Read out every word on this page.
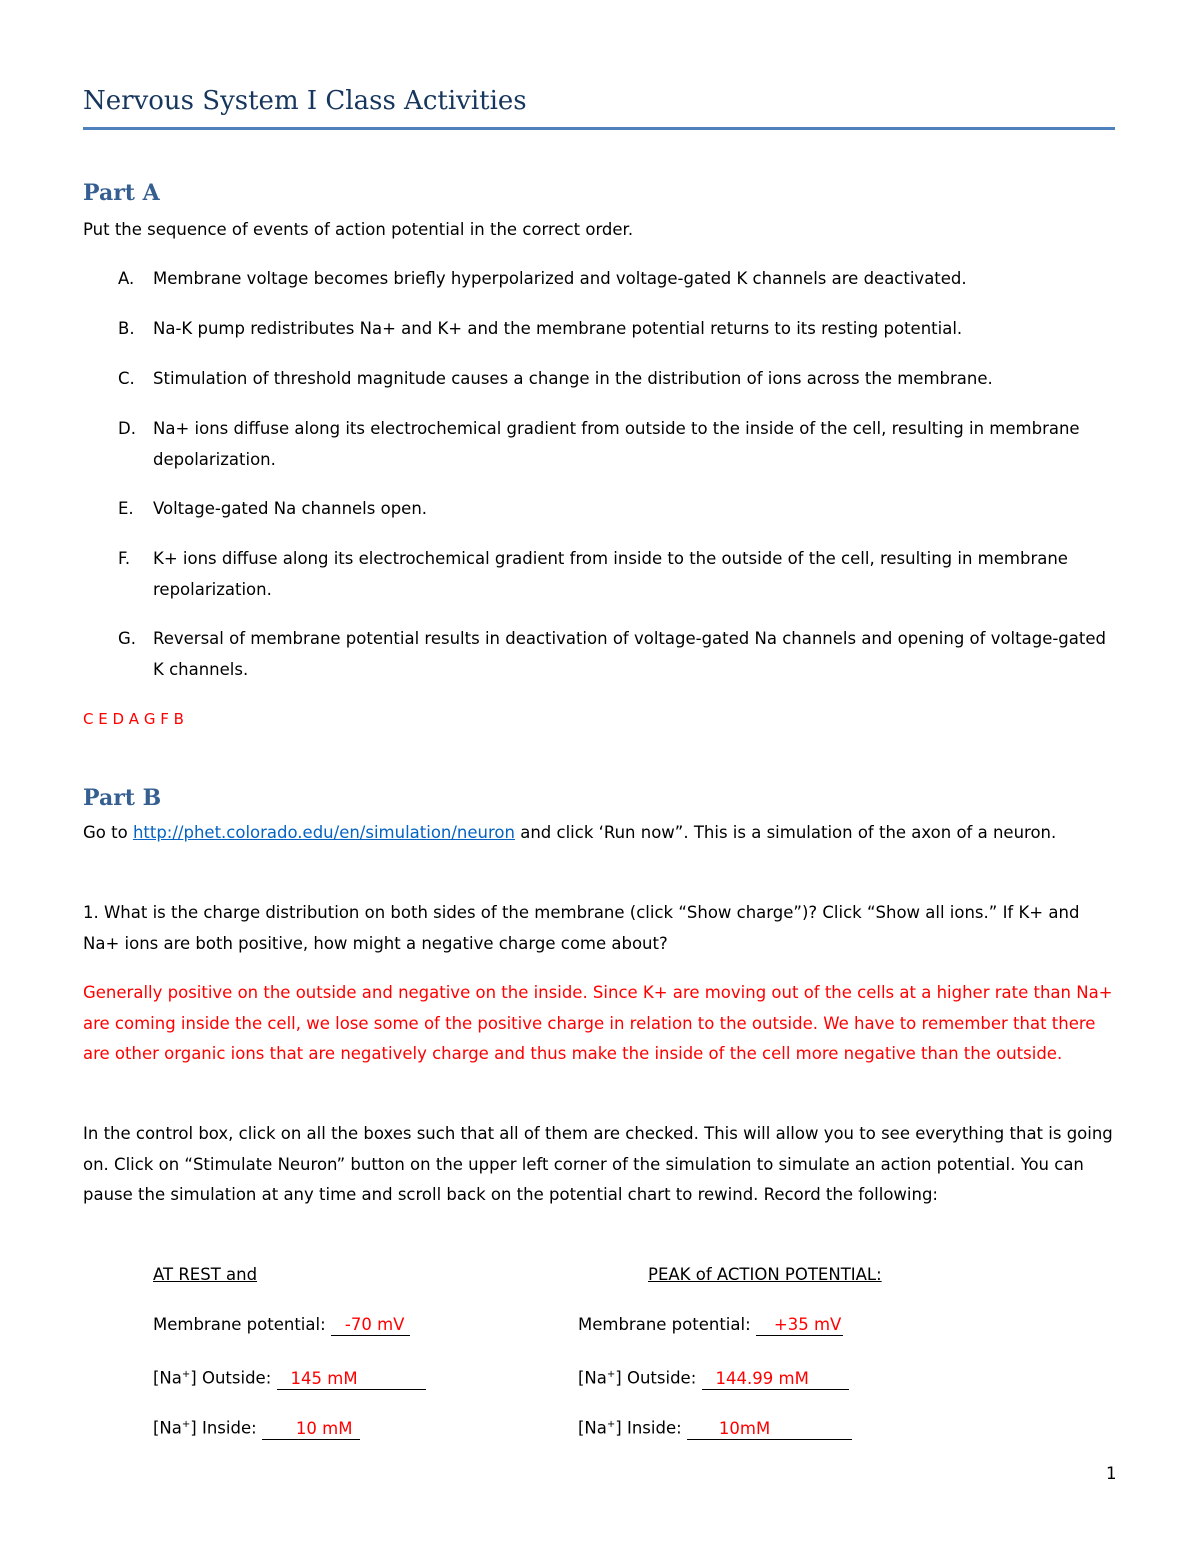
Nervous System I Class Activities
Part A
Put the sequence of events of action potential in the correct order.
A. Membrane voltage becomes briefly hyperpolarized and voltage-gated K channels are deactivated.
B. Na-K pump redistributes Na+ and K+ and the membrane potential returns to its resting potential.
C. Stimulation of threshold magnitude causes a change in the distribution of ions across the membrane.
D. Na+ ions diffuse along its electrochemical gradient from outside to the inside of the cell, resulting in membrane depolarization.
E. Voltage-gated Na channels open.
F. K+ ions diffuse along its electrochemical gradient from inside to the outside of the cell, resulting in membrane repolarization.
G. Reversal of membrane potential results in deactivation of voltage-gated Na channels and opening of voltage-gated K channels.
C E D A G F B
Part B
Go to http://phet.colorado.edu/en/simulation/neuron and click ‘Run now”. This is a simulation of the axon of a neuron.
1. What is the charge distribution on both sides of the membrane (click “Show charge”)? Click “Show all ions.” If K+ and Na+ ions are both positive, how might a negative charge come about?
Generally positive on the outside and negative on the inside. Since K+ are moving out of the cells at a higher rate than Na+ are coming inside the cell, we lose some of the positive charge in relation to the outside. We have to remember that there are other organic ions that are negatively charge and thus make the inside of the cell more negative than the outside.
In the control box, click on all the boxes such that all of them are checked. This will allow you to see everything that is going on. Click on “Stimulate Neuron” button on the upper left corner of the simulation to simulate an action potential. You can pause the simulation at any time and scroll back on the potential chart to rewind. Record the following:
AT REST and
Membrane potential: -70 mV
[Na+] Outside: 145 mM
[Na+] Inside: 10 mM
PEAK of ACTION POTENTIAL:
Membrane potential: +35 mV
[Na+] Outside: 144.99 mM
[Na+] Inside: 10mM
1
